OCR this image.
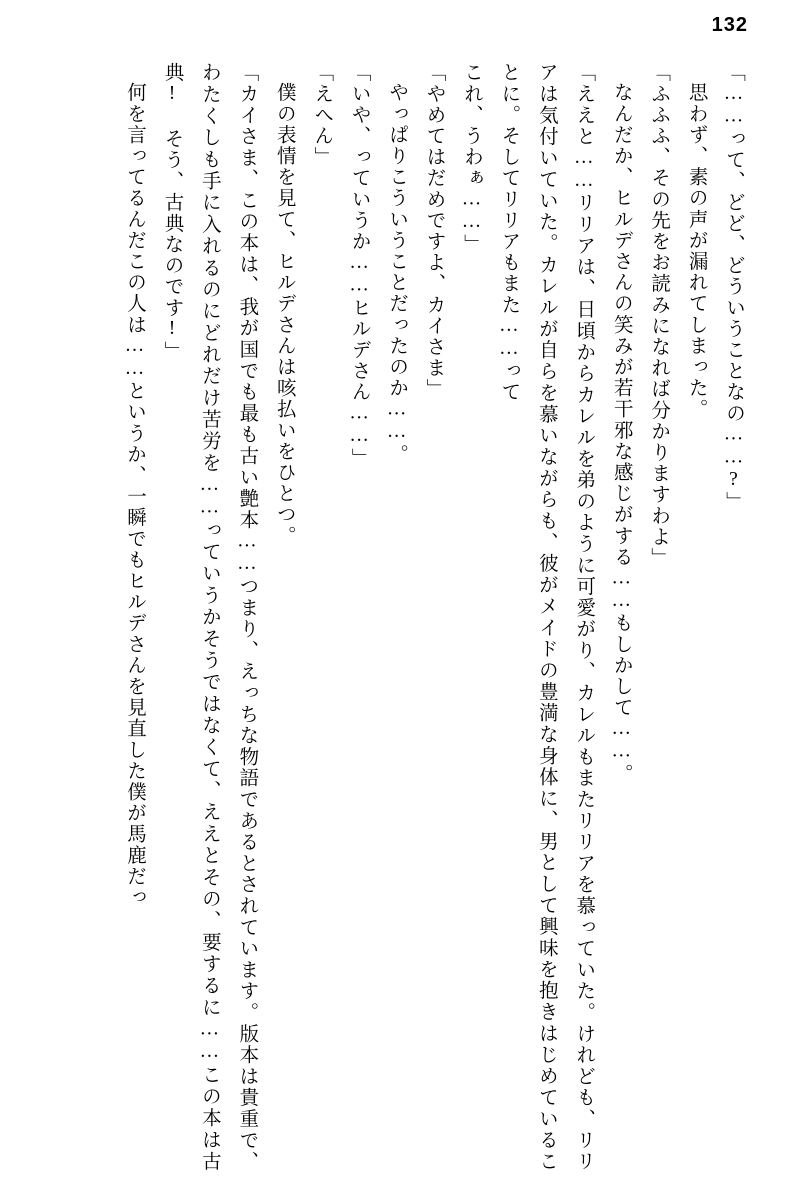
132

「……って、どど、どういうことなの……?」

思わず、素の声が漏れてしまった。

「ふふふ、その先をお読みになれば分かりますわよ」

なんだか、ヒルデさんの笑みが若干邪な感じがする……もしかして……。

「ええと……リリアは、日頃からカレルを弟のように可愛がり、カレルもまたリリアを慕っていた。けれども、リリアは気付いていた。カレルが自らを慕いながらも、彼がメイドの豊満な身体に、男として興味を抱きはじめていることに。そしてリリアもまた……って

これ、うわぁ……」

「やめてはだめですよ、カイさま」

やっぱりこういうことだったのか……。

「いや、っていうか……ヒルデさん……」

「えへん」

僕の表情を見て、ヒルデさんは咳払いをひとつ。

「カイさま、この本は、我が国でも最も古い艶本……つまり、えっちな物語であるとされています。版本は貴重で、わたくしも手に入れるのにどれだけ苦労を……っていうかそうではなくて、ええとその、要するに……この本は古典! そう、古典なのです!」

何を言ってるんだこの人は……というか、一瞬でもヒルデさんを見直した僕が馬鹿だっ
